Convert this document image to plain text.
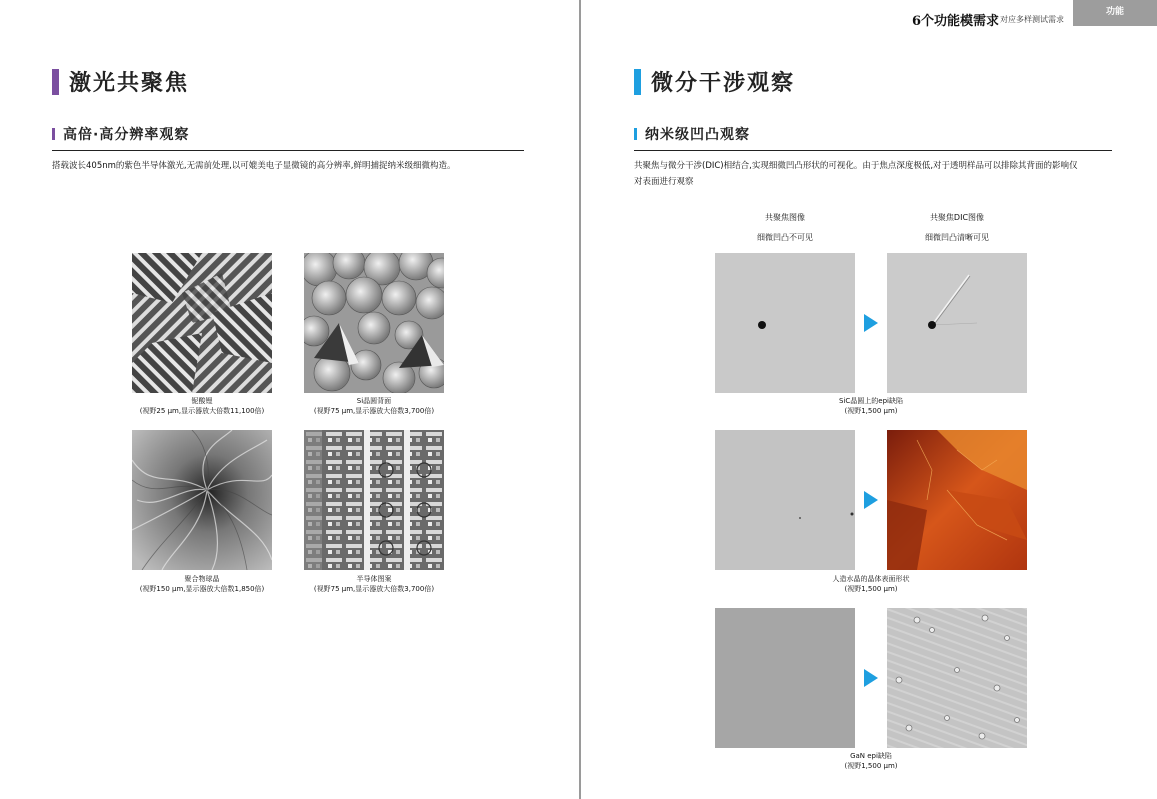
6个功能模需求 对应多样测试需求
功能
激光共聚焦
高倍·高分辨率观察
搭载波长405nm的紫色半导体激光,无需前处理,以可媲美电子显微镜的高分辨率,鲜明捕捉纳米级细微构造。
铌酸锂
(视野25 μm,显示器放大倍数11,100倍)
Si晶圆背面
(视野75 μm,显示器放大倍数3,700倍)
聚合物球晶
(视野150 μm,显示器放大倍数1,850倍)
半导体图案
(视野75 μm,显示器放大倍数3,700倍)
微分干涉观察
纳米级凹凸观察
共聚焦与微分干涉(DIC)相结合,实现细微凹凸形状的可视化。由于焦点深度极低,对于透明样品可以排除其背面的影响仅
对表面进行观察
共聚焦图像
细微凹凸不可见
共聚焦DIC图像
细微凹凸清晰可见
SiC晶圆上的epi缺陷
(视野1,500 μm)
人造水晶的晶体表面形状
(视野1,500 μm)
GaN epi缺陷
(视野1,500 μm)
